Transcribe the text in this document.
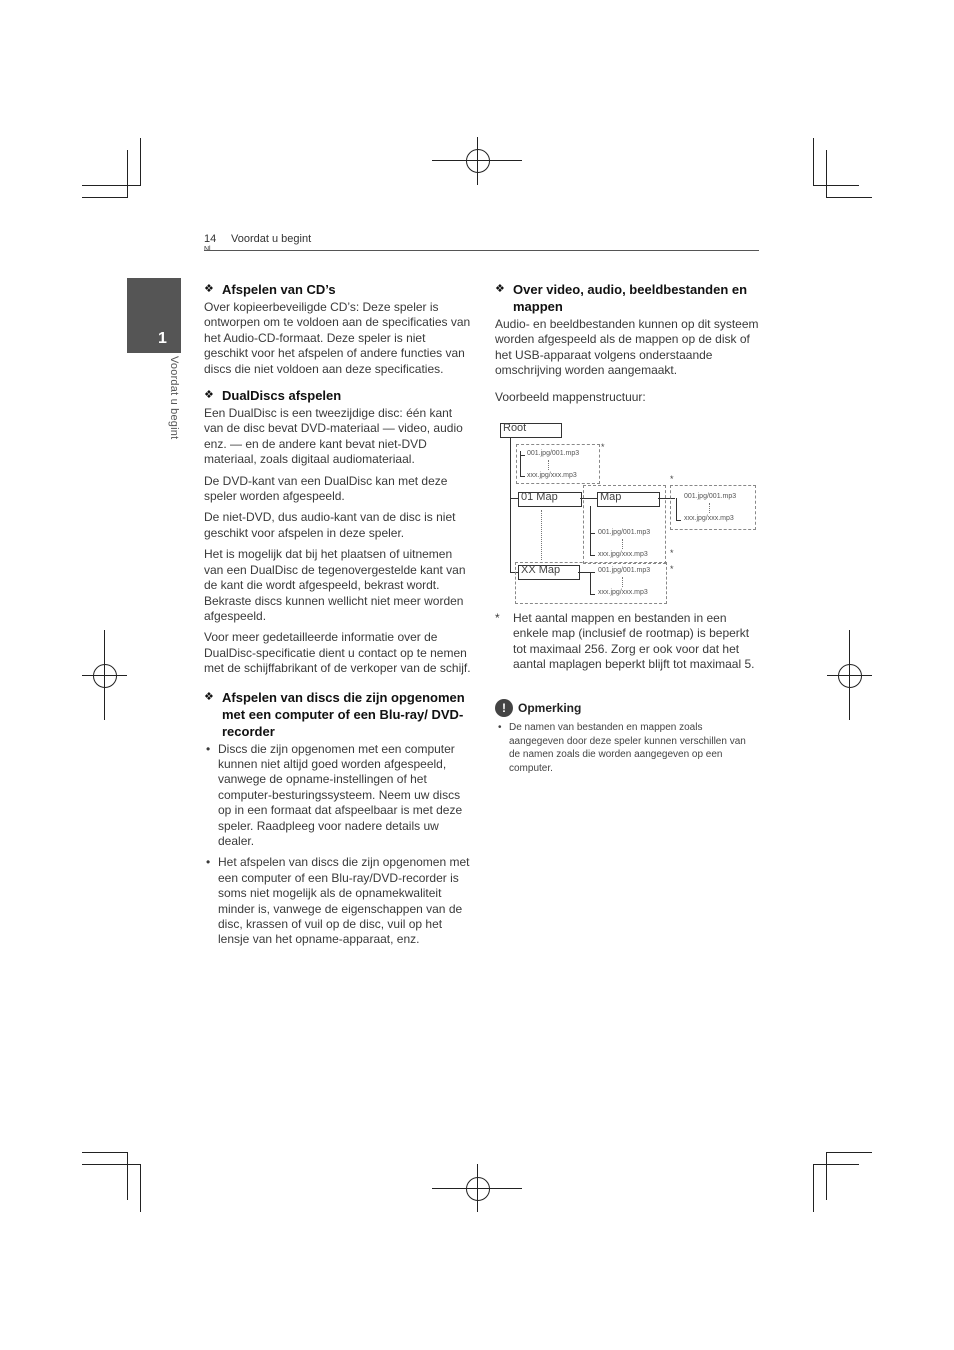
14 Voordat u begint
1
Voordat u begint
❖ Afspelen van CD’s

Over kopieerbeveiligde CD’s: Deze speler is ontworpen om te voldoen aan de specificaties van het Audio-CD-formaat. Deze speler is niet geschikt voor het afspelen of andere functies van discs die niet voldoen aan deze specificaties.

❖ DualDiscs afspelen

Een DualDisc is een tweezijdige disc: één kant van de disc bevat DVD-materiaal — video, audio enz. — en de andere kant bevat niet-DVD materiaal, zoals digitaal audiomateriaal.

De DVD-kant van een DualDisc kan met deze speler worden afgespeeld.

De niet-DVD, dus audio-kant van de disc is niet geschikt voor afspelen in deze speler.

Het is mogelijk dat bij het plaatsen of uitnemen van een DualDisc de tegenovergestelde kant van de kant die wordt afgespeeld, bekrast wordt. Bekraste discs kunnen wellicht niet meer worden afgespeeld.

Voor meer gedetailleerde informatie over de DualDisc-specificatie dient u contact op te nemen met de schijffabrikant of de verkoper van de schijf.

❖ Afspelen van discs die zijn opgenomen met een computer of een Blu-ray/ DVD-recorder
• Discs die zijn opgenomen met een computer kunnen niet altijd goed worden afgespeeld, vanwege de opname-instellingen of het computer-besturingssysteem. Neem uw discs op in een formaat dat afspeelbaar is met deze speler. Raadpleeg voor nadere details uw dealer.
• Het afspelen van discs die zijn opgenomen met een computer of een Blu-ray/DVD-recorder is soms niet mogelijk als de opnamekwaliteit minder is, vanwege de eigenschappen van de disc, krassen of vuil op de disc, vuil op het lensje van het opname-apparaat, enz.
❖ Over video, audio, beeldbestanden en mappen

Audio- en beeldbestanden kunnen op dit systeem worden afgespeeld als de mappen op de disk of het USB-apparaat volgens onderstaande omschrijving worden aangemaakt.

Voorbeeld mappenstructuur:

Root
001.jpg/001.mp3
xxx.jpg/xxx.mp3
*
01 Map	Map
001.jpg/001.mp3
xxx.jpg/xxx.mp3 *
001.jpg/001.mp3
xxx.jpg/xxx.mp3
*
XX Map	001.jpg/001.mp3
xxx.jpg/xxx.mp3
*
* Het aantal mappen en bestanden in een enkele map (inclusief de rootmap) is beperkt tot maximaal 256. Zorg er ook voor dat het aantal maplagen beperkt blijft tot maximaal 5.
!	Opmerking
• De namen van bestanden en mappen zoals aangegeven door deze speler kunnen verschillen van de namen zoals die worden aangegeven op een computer.
